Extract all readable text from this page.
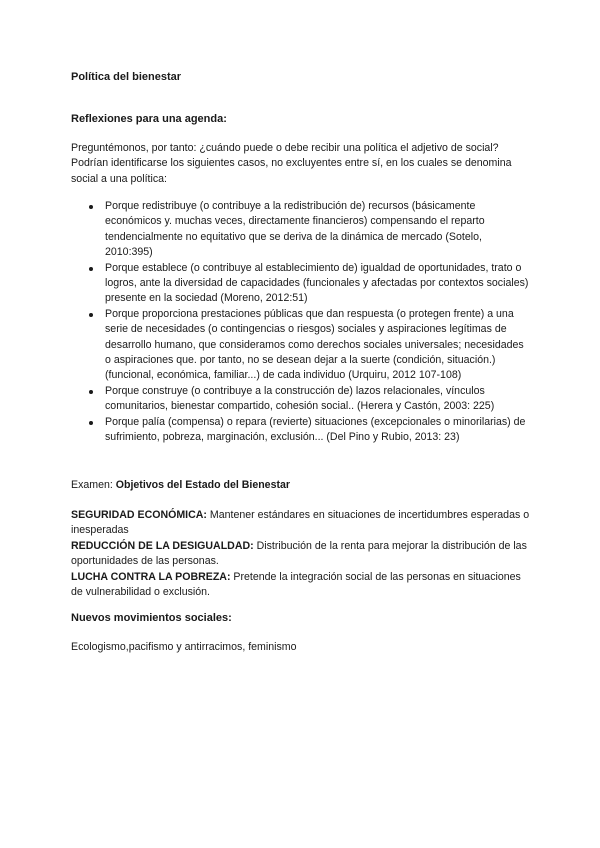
Política del bienestar
Reflexiones para una agenda:

Preguntémonos, por tanto: ¿cuándo puede o debe recibir una política el adjetivo de social? Podrían identificarse los siguientes casos, no excluyentes entre sí, en los cuales se denomina social a una política:

Porque redistribuye (o contribuye a la redistribución de) recursos (básicamente económicos y. muchas veces, directamente financieros) compensando el reparto tendencialmente no equitativo que se deriva de la dinámica de mercado (Sotelo, 2010:395)
Porque establece (o contribuye al establecimiento de) igualdad de oportunidades, trato o logros, ante la diversidad de capacidades (funcionales y afectadas por contextos sociales) presente en la sociedad (Moreno, 2012:51)
Porque proporciona prestaciones públicas que dan respuesta (o protegen frente) a una serie de necesidades (o contingencias o riesgos) sociales y aspiraciones legítimas de desarrollo humano, que consideramos como derechos sociales universales; necesidades o aspiraciones que. por tanto, no se desean dejar a la suerte (condición, situación.) (funcional, económica, familiar...) de cada individuo (Urquiru, 2012 107-108)
Porque construye (o contribuye a la construcción de) lazos relacionales, vínculos comunitarios, bienestar compartido, cohesión social.. (Herera y Castón, 2003: 225)
Porque palía (compensa) o repara (revierte) situaciones (excepcionales o minorilarias) de sufrimiento, pobreza, marginación, exclusión... (Del Pino y Rubio, 2013: 23)
Examen: Objetivos del Estado del Bienestar

SEGURIDAD ECONÓMICA: Mantener estándares en situaciones de incertidumbres esperadas o inesperadas

REDUCCIÓN DE LA DESIGUALDAD: Distribución de la renta para mejorar la distribución de las oportunidades de las personas.

LUCHA CONTRA LA POBREZA: Pretende la integración social de las personas en situaciones de vulnerabilidad o exclusión.

Nuevos movimientos sociales:
Ecologismo,pacifismo y antirracimos, feminismo
